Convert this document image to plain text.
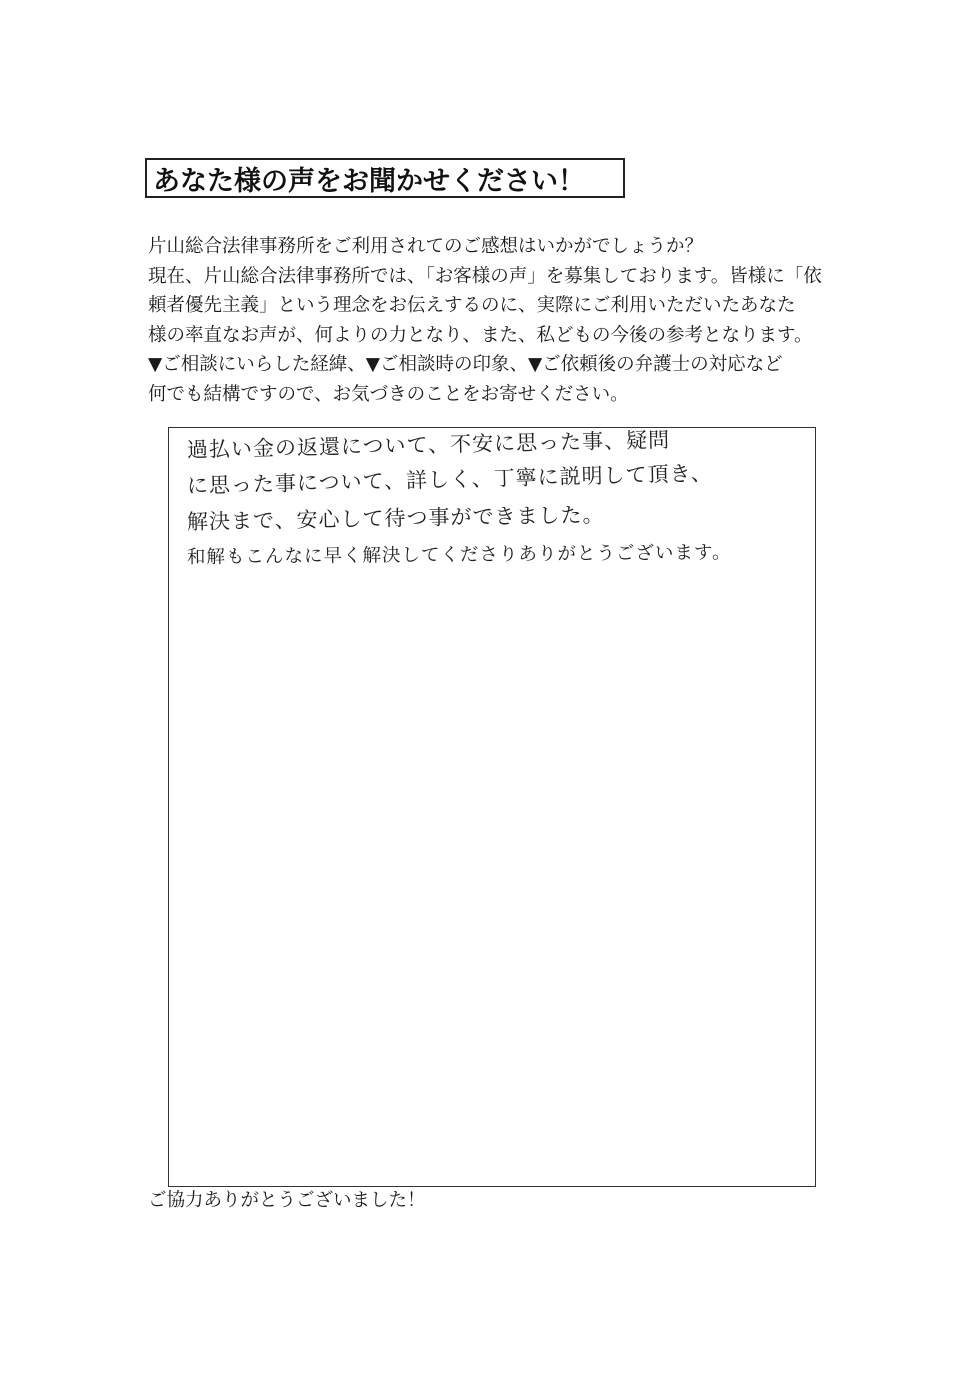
あなた様の声をお聞かせください！
片山総合法律事務所をご利用されてのご感想はいかがでしょうか？
現在、片山総合法律事務所では、「お客様の声」を募集しております。皆様に「依
頼者優先主義」という理念をお伝えするのに、実際にご利用いただいたあなた
様の率直なお声が、何よりの力となり、また、私どもの今後の参考となります。
▼ご相談にいらした経緯、▼ご相談時の印象、▼ご依頼後の弁護士の対応など
何でも結構ですので、お気づきのことをお寄せください。
過払い金の返還について、不安に思った事、疑問
に思った事について、詳しく、丁寧に説明して頂き、
解決まで、安心して待つ事ができました。
和解もこんなに早く解決してくださりありがとうございます。
ご協力ありがとうございました！
